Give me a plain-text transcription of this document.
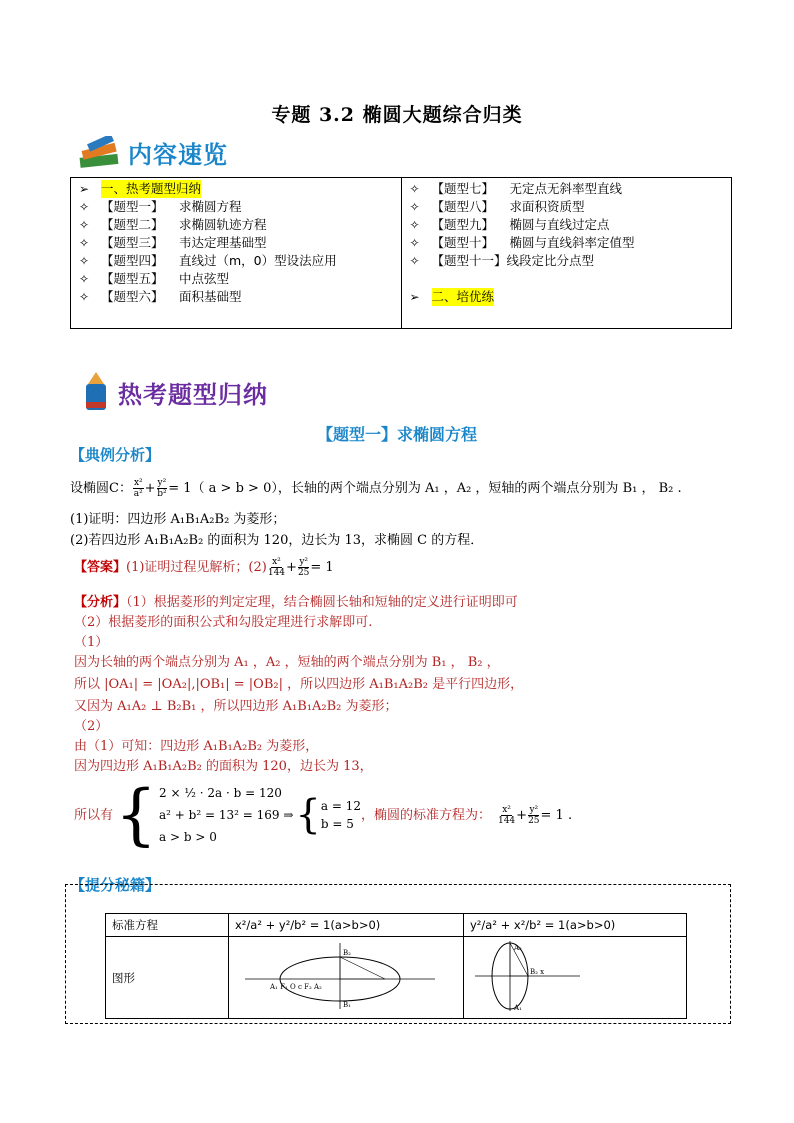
专题 3.2 椭圆大题综合归类
内容速览
➢ 一、热考题型归纳
✧ 【题型一】	求椭圆方程
✧ 【题型二】	求椭圆轨迹方程
✧ 【题型三】	韦达定理基础型
✧ 【题型四】	直线过（m，0）型设法应用
✧ 【题型五】	中点弦型
✧ 【题型六】	面积基础型
✧ 【题型七】	无定点无斜率型直线
✧ 【题型八】	求面积资质型
✧ 【题型九】	椭圆与直线过定点
✧ 【题型十】	椭圆与直线斜率定值型
✧ 【题型十一】 线段定比分点型
➢ 二、培优练
热考题型归纳
【题型一】求椭圆方程
【典例分析】
设椭圆C： $\frac{\text{x²}}{\text{a²}} + \frac{\text{y²}}{\text{b²}} = 1$（ a > b > 0），长轴的两个端点分别为 A₁ ，A₂ ，短轴的两个端点分别为 B₁ ， B₂ .
(1)证明：四边形 A₁B₁A₂B₂ 为菱形；
(2)若四边形 A₁B₁A₂B₂ 的面积为 120，边长为 13，求椭圆 C 的方程．
【答案】 (1)证明过程见解析；$(2) \frac{\text{x²}}{144} + \frac{\text{y²}}{25} = 1$
【分析】（1）根据菱形的判定定理，结合椭圆长轴和短轴的定义进行证明即可
（2）根据菱形的面积公式和勾股定理进行求解即可.
（1）
因为长轴的两个端点分别为 A₁ ，A₂ ，短轴的两个端点分别为 B₁ ， B₂ ，
所以 |OA₁| = |OA₂|,|OB₁| = |OB₂| ，所以四边形 A₁B₁A₂B₂ 是平行四边形，
又因为 A₁A₂ ⊥ B₂B₁ ，所以四边形 A₁B₁A₂B₂ 为菱形；
（2）
由（1）可知：四边形 A₁B₁A₂B₂ 为菱形，
因为四边形 A₁B₁A₂B₂ 的面积为 120，边长为 13，
所以有 { 2 × ½ · 2a · b = 120
a² + b² = 13² = 169 ⇒
a > b > 0	{ a = 12
b = 5
，椭圆的标准方程为： $\frac{\text{x²}}{144} + \frac{\text{y²}}{25} = 1$ .
【提分秘籍】
标准方程	x²/a² + y²/b² = 1(a>b>0)	y²/a² + x²/b² = 1(a>b>0)
图形	A₁ F₁ O c F₂ A₂
B₂
B₁	B₂ x
A₂
A₁
